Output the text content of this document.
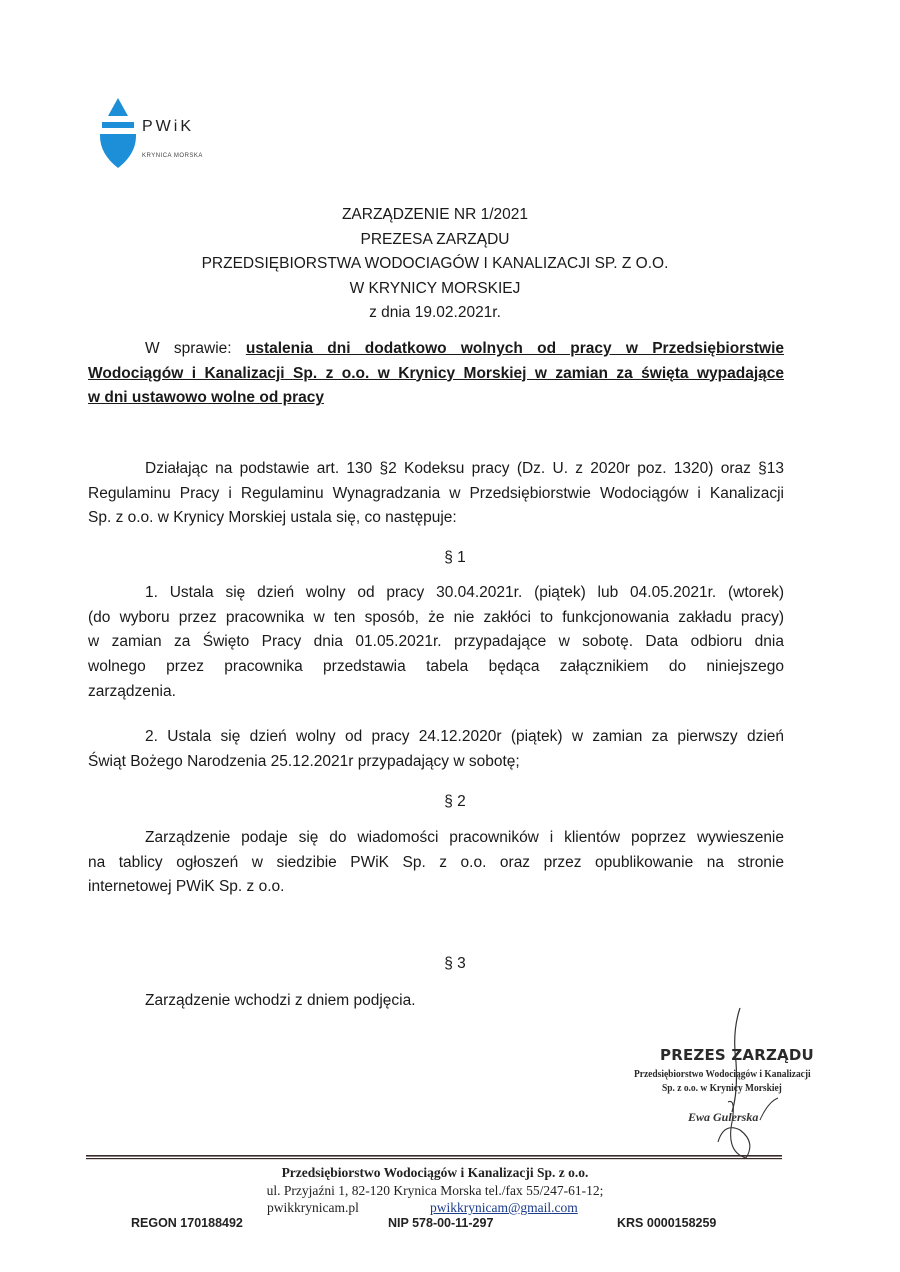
PWiK
KRYNICA MORSKA
ZARZĄDZENIE NR 1/2021
PREZESA ZARZĄDU
PRZEDSIĘBIORSTWA WODOCIAGÓW I KANALIZACJI SP. Z O.O.
W KRYNICY MORSKIEJ
z dnia 19.02.2021r.
W sprawie: ustalenia dni dodatkowo wolnych od pracy w Przedsiębiorstwie
Wodociągów i Kanalizacji Sp. z o.o. w Krynicy Morskiej w zamian za święta wypadające
w dni ustawowo wolne od pracy
Działając na podstawie art. 130 §2 Kodeksu pracy (Dz. U. z 2020r poz. 1320) oraz §13
Regulaminu Pracy i Regulaminu Wynagradzania w Przedsiębiorstwie Wodociągów i Kanalizacji
Sp. z o.o. w Krynicy Morskiej ustala się, co następuje:
§ 1
1. Ustala się dzień wolny od pracy 30.04.2021r. (piątek) lub 04.05.2021r. (wtorek)
(do wyboru przez pracownika w ten sposób, że nie zakłóci to funkcjonowania zakładu pracy)
w zamian za Święto Pracy dnia 01.05.2021r. przypadające w sobotę. Data odbioru dnia
wolnego przez pracownika przedstawia tabela będąca załącznikiem do niniejszego
zarządzenia.
2. Ustala się dzień wolny od pracy 24.12.2020r (piątek) w zamian za pierwszy dzień
Świąt Bożego Narodzenia 25.12.2021r przypadający w sobotę;
§ 2
Zarządzenie podaje się do wiadomości pracowników i klientów poprzez wywieszenie
na tablicy ogłoszeń w siedzibie PWiK Sp. z o.o. oraz przez opublikowanie na stronie
internetowej PWiK Sp. z o.o.
§ 3
Zarządzenie wchodzi z dniem podjęcia.
PREZES ZARZĄDU
Przedsiębiorstwo Wodociągów i Kanalizacji
Sp. z o.o. w Krynicy Morskiej
Ewa Gulerska
Przedsiębiorstwo Wodociągów i Kanalizacji Sp. z o.o.
ul. Przyjaźni 1, 82-120 Krynica Morska tel./fax 55/247-61-12;
pwikkrynicam.pl	pwikkrynicam@gmail.com
REGON 170188492	NIP 578-00-11-297	KRS 0000158259
